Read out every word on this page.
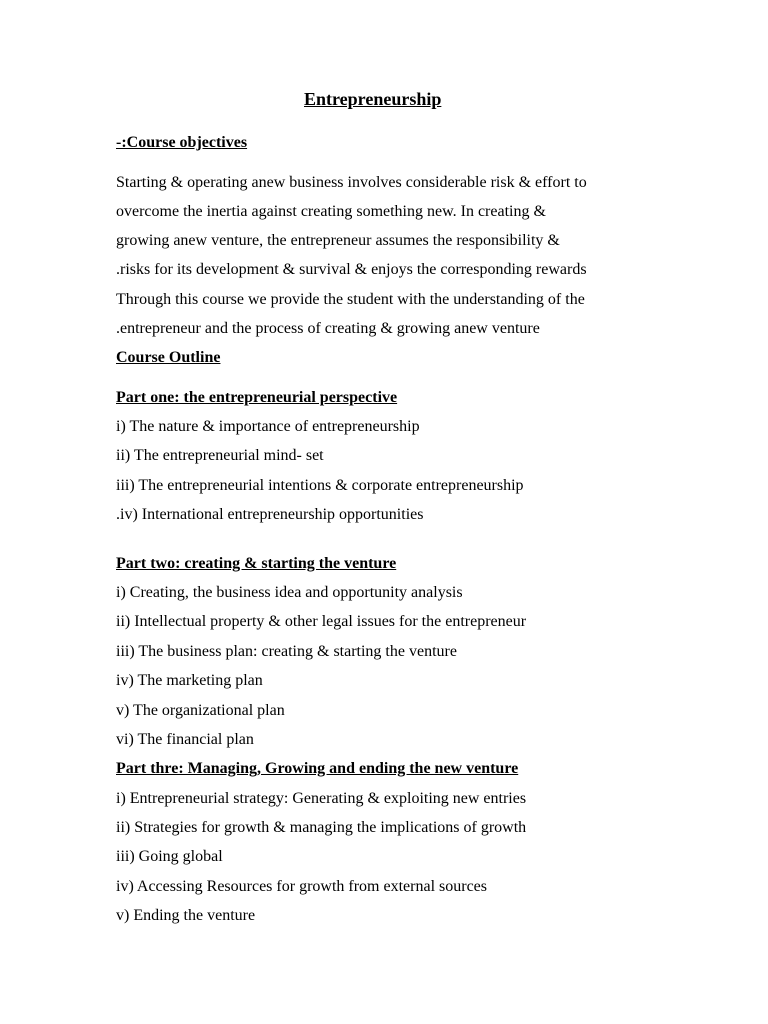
Entrepreneurship
-:Course objectives
Starting & operating anew business involves considerable risk & effort to
overcome the inertia against creating something new. In creating &
growing anew venture, the entrepreneur assumes the responsibility &
.risks for its development & survival & enjoys the corresponding rewards
Through this course we provide the student with the understanding of the
.entrepreneur and the process of creating & growing anew venture
Course Outline
Part one: the entrepreneurial perspective
i) The nature & importance of entrepreneurship
ii) The entrepreneurial mind- set
iii) The entrepreneurial intentions & corporate entrepreneurship
.iv) International entrepreneurship opportunities
Part two: creating & starting the venture
i) Creating, the business idea and opportunity analysis
ii) Intellectual property & other legal issues for the entrepreneur
iii) The business plan: creating & starting the venture
iv) The marketing plan
v) The organizational plan
vi) The financial plan
Part thre: Managing, Growing and ending the new venture
i) Entrepreneurial strategy: Generating & exploiting new entries
ii) Strategies for growth & managing the implications of growth
iii) Going global
iv) Accessing Resources for growth from external sources
v) Ending the venture
